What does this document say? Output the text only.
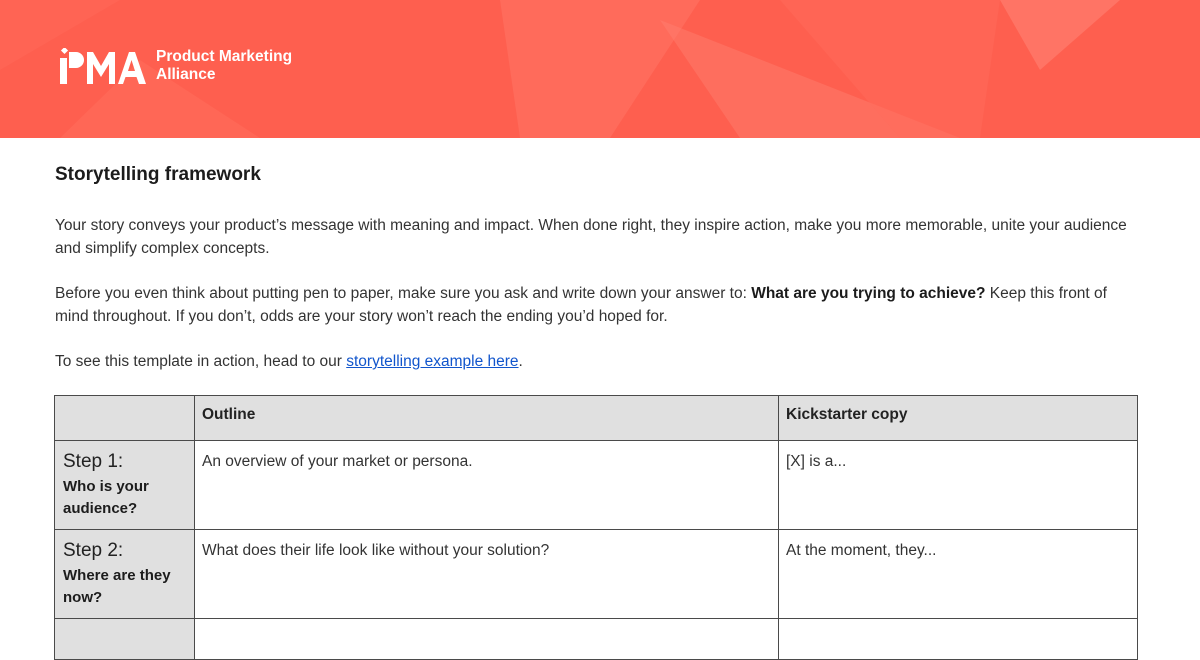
Product Marketing
Alliance
Storytelling framework

Your story conveys your product’s message with meaning and impact. When done right, they inspire action, make you more memorable, unite your audience and simplify complex concepts.

Before you even think about putting pen to paper, make sure you ask and write down your answer to: What are you trying to achieve? Keep this front of mind throughout. If you don’t, odds are your story won’t reach the ending you’d hoped for.

To see this template in action, head to our storytelling example here.

	Outline	Kickstarter copy

Step 1:
Who is your audience?	An overview of your market or persona.	[X] is a...

Step 2:
Where are they now?	What does their life look like without your solution?	At the moment, they...
